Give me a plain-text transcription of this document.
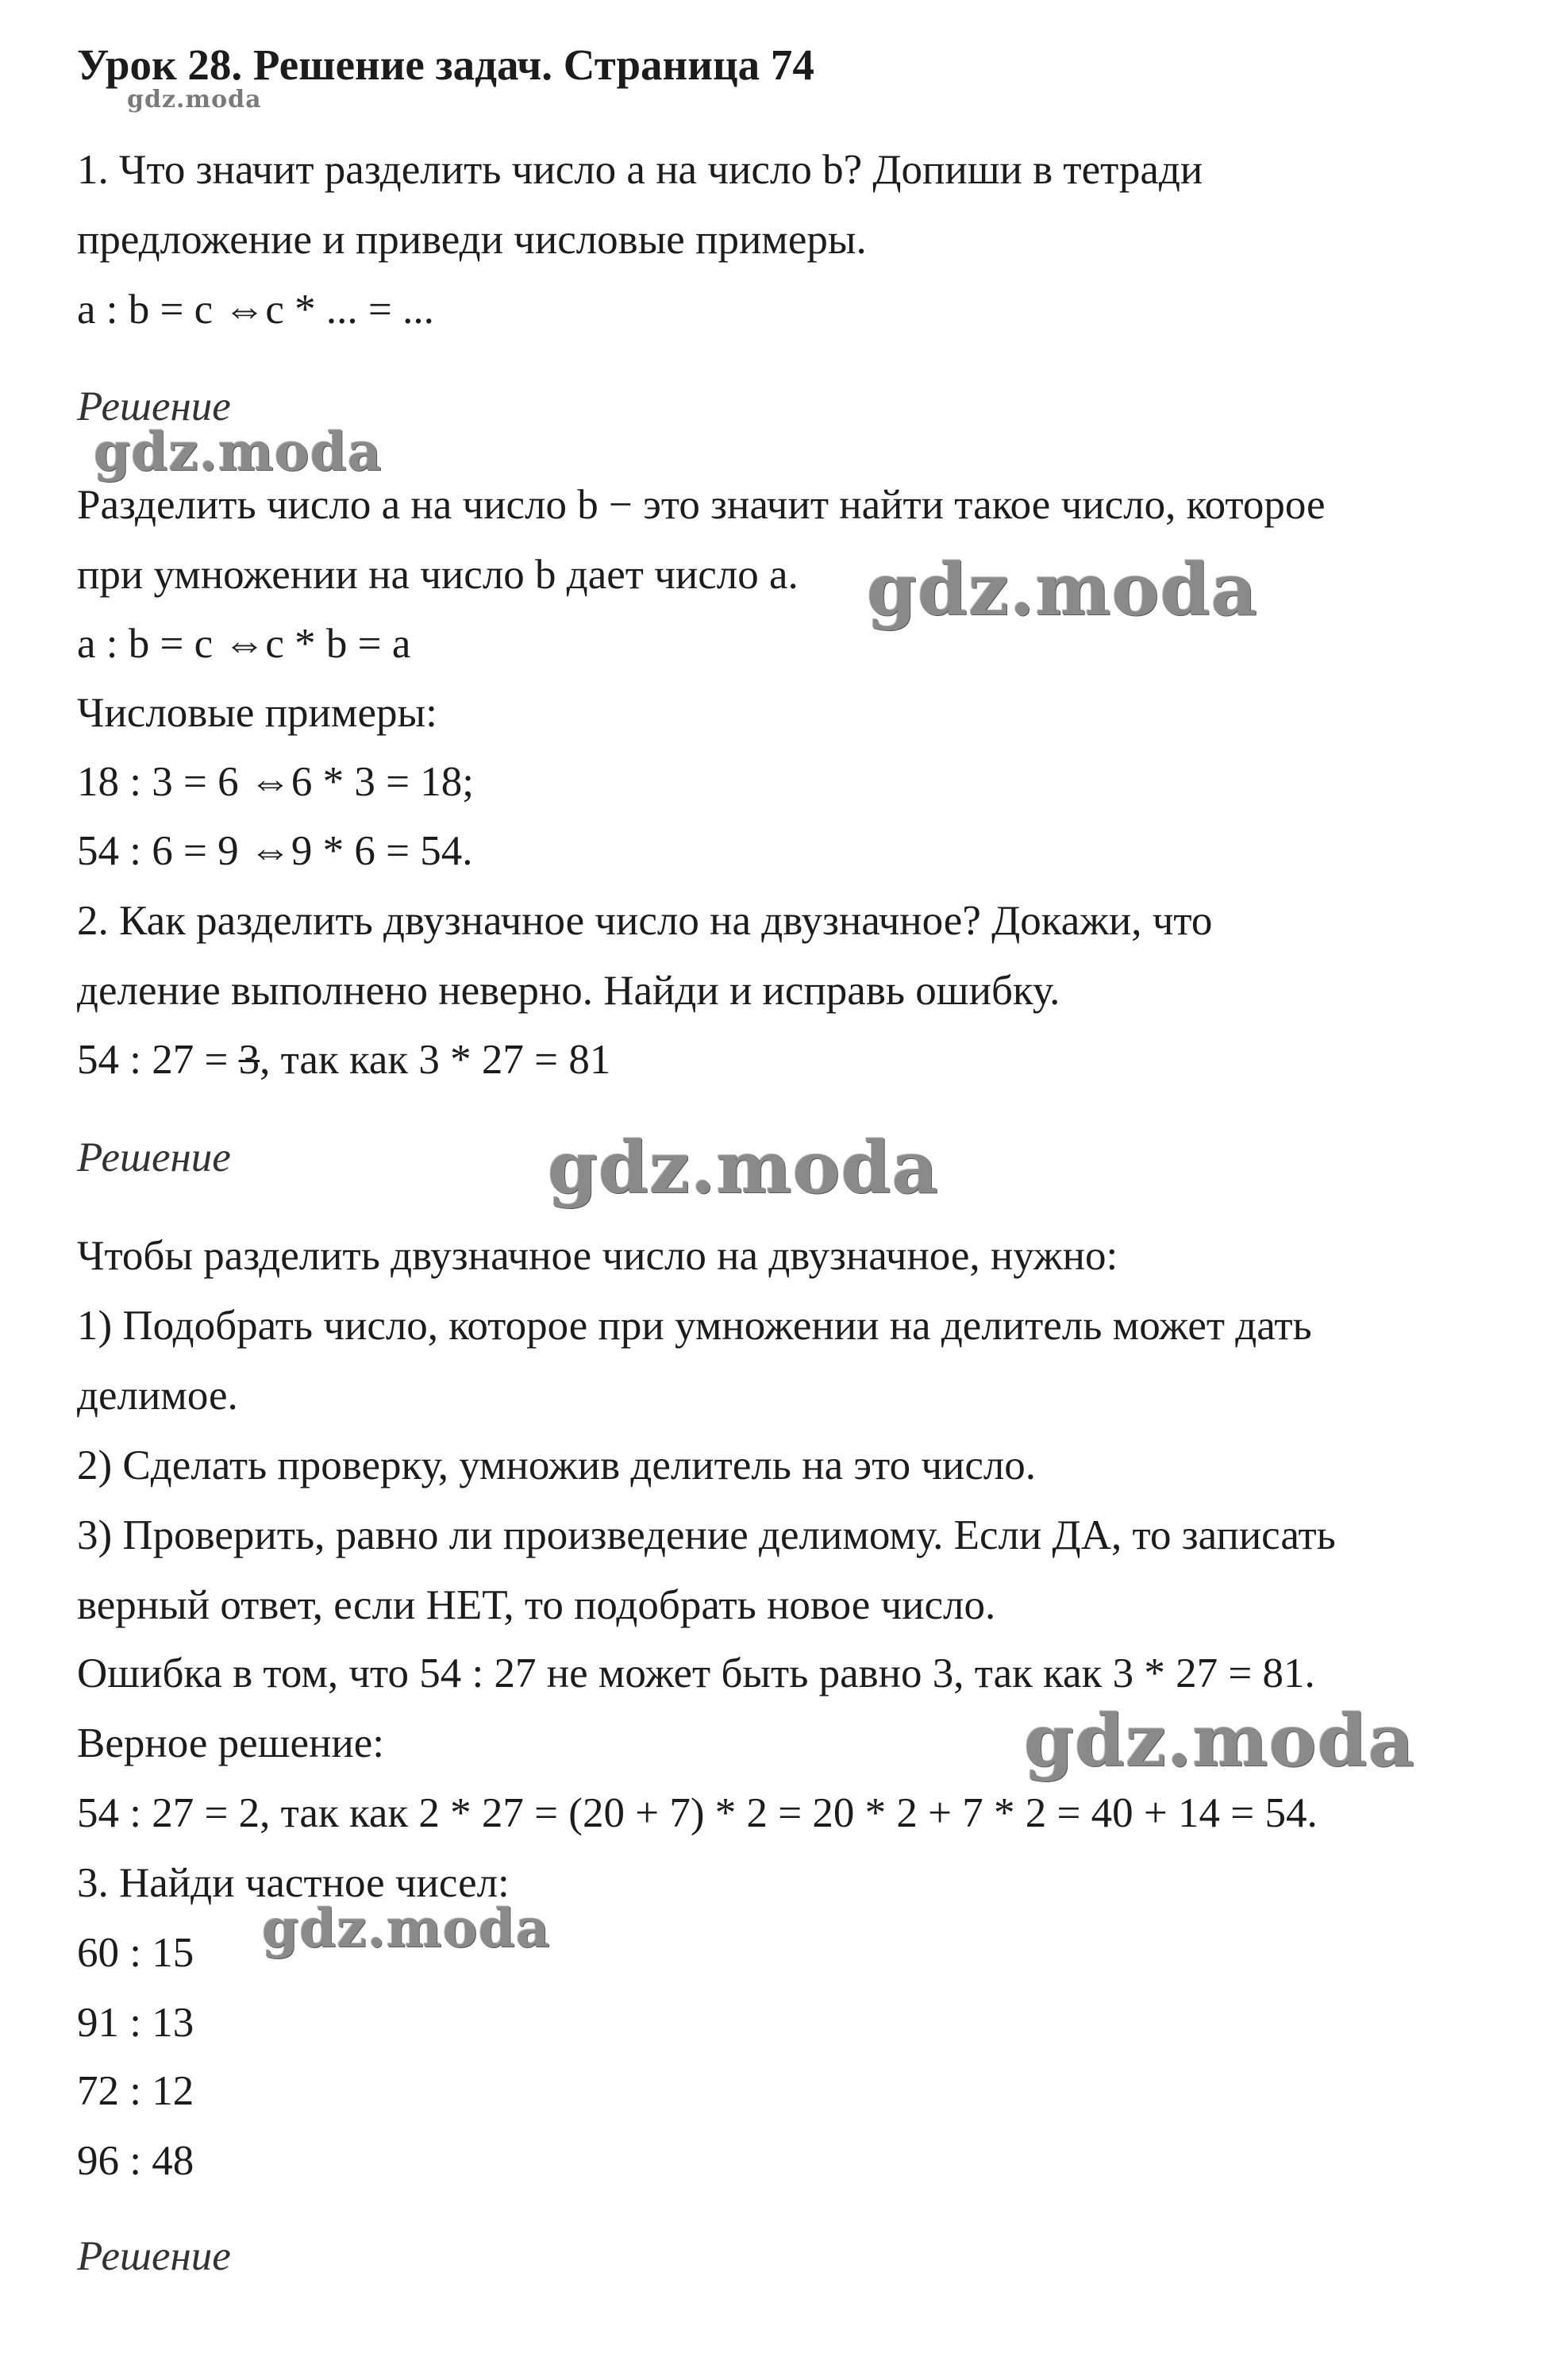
Урок 28. Решение задач. Страница 74
gdz.moda
1. Что значит разделить число a на число b? Допиши в тетради
предложение и приведи числовые примеры.
a : b = c ⇔c * ... = ...
Решение
gdz.moda
Разделить число a на число b − это значит найти такое число, которое
при умножении на число b дает число a. gdz.moda
a : b = c ⇔c * b = a
Числовые примеры:
18 : 3 = 6 ⇔6 * 3 = 18;
54 : 6 = 9 ⇔9 * 6 = 54.
2. Как разделить двузначное число на двузначное? Докажи, что
деление выполнено неверно. Найди и исправь ошибку.
54 : 27 = 3, так как 3 * 27 = 81
Решение	gdz.moda
Чтобы разделить двузначное число на двузначное, нужно:
1) Подобрать число, которое при умножении на делитель может дать
делимое.
2) Сделать проверку, умножив делитель на это число.
3) Проверить, равно ли произведение делимому. Если ДА, то записать
верный ответ, если НЕТ, то подобрать новое число.
Ошибка в том, что 54 : 27 не может быть равно 3, так как 3 * 27 = 81.
Верное решение:	gdz.moda
54 : 27 = 2, так как 2 * 27 = (20 + 7) * 2 = 20 * 2 + 7 * 2 = 40 + 14 = 54.
3. Найди частное чисел:
gdz.moda
60 : 15
91 : 13
72 : 12
96 : 48
Решение
